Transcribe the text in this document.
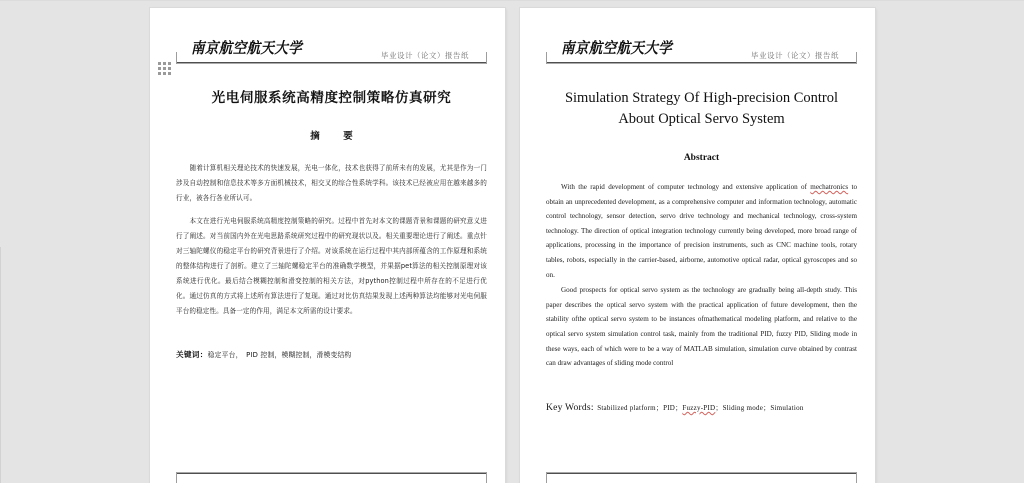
南京航空航天大学	毕业设计（论文）报告纸
光电伺服系统高精度控制策略仿真研究
摘　要

随着计算机相关理论技术的快速发展，光电一体化，技术也获得了前所未有的发展，尤其是作为一门涉及自动控制和信息技术等多方面机械技术，相交叉的综合性系统学科。该技术已经被应用在越来越多的行业，被各行各业所认可。

本文在进行光电伺服系统高精度控制策略的研究。过程中首先对本文的课题背景和课题的研究意义进行了阐述。对当前国内外在光电思路系统研究过程中的研究现状以及。相关重要理论进行了阐述。重点针对三轴陀螺仪的稳定平台的研究背景进行了介绍。对该系统在运行过程中其内部所蕴含的工作原理和系统的整体结构进行了剖析。建立了三轴陀螺稳定平台的准确数学模型，并果据pet算法的相关控制原理对该系统进行优化。最后结合模糊控制和滑变控制的相关方法，对python控制过程中所存在的不足进行优化。通过仿真的方式将上述所有算法进行了复现。通过对比仿真结果发现上述两种算法均能够对光电伺服平台的稳定性。具备一定的作用，满足本文所需的设计要求。

关键词：稳定平台，　PID 控制，模糊控制，滑模变结构
南京航空航天大学	毕业设计（论文）报告纸
Simulation Strategy Of High-precision Control
About Optical Servo System
Abstract

With the rapid development of computer technology and extensive application of mechatronics to obtain an unprecedented development, as a comprehensive computer and information technology, automatic control technology, sensor detection, servo drive technology and mechanical technology, cross-system technology. The direction of optical integration technology currently being developed, more broad range of applications, processing in the importance of precision instruments, such as CNC machine tools, rotary tables, robots, especially in the carrier-based, airborne, automotive optical radar, optical gyroscopes and so on.

Good prospects for optical servo system as the technology are gradually being all-depth study. This paper describes the optical servo system with the practical application of future development, then the stability ofthe optical servo system to be instances ofmathematical modeling platform, and relative to the optical servo system simulation control task, mainly from the traditional PID, fuzzy PID, Sliding mode in these ways, each of which were to be a way of MATLAB simulation, simulation curve obtained by contrast can draw advantages of sliding mode control

Key Words: Stabilized platform；PID；Fuzzy-PID；Sliding mode；Simulation
